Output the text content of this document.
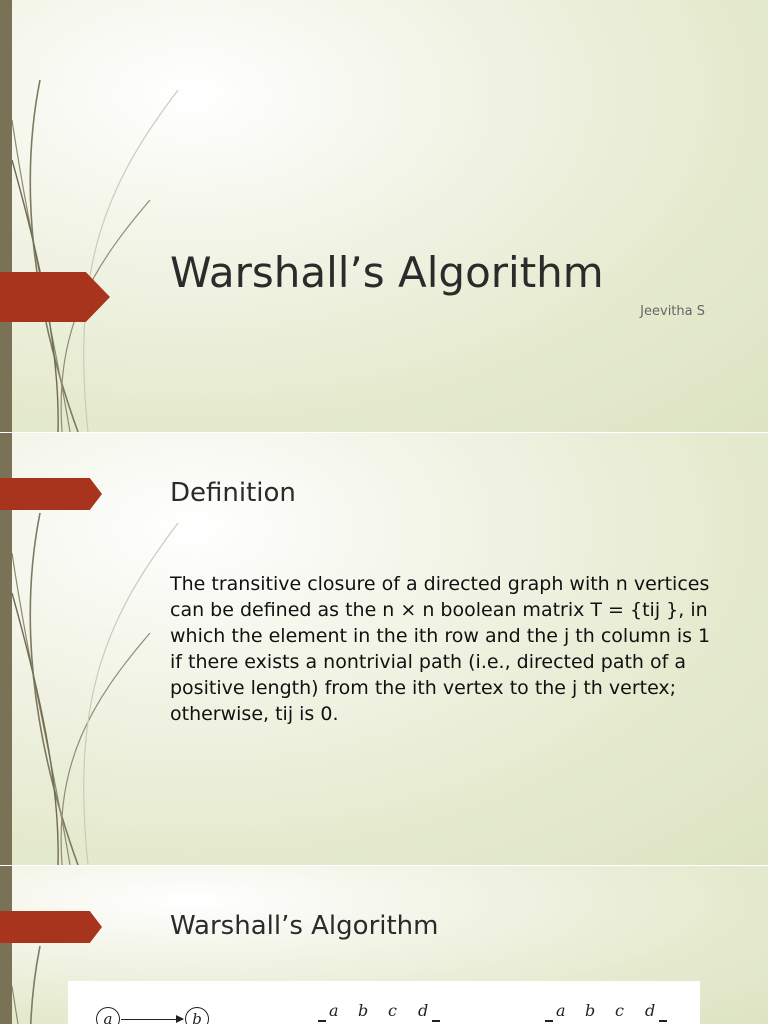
Warshall’s Algorithm
Jeevitha S
Definition
The transitive closure of a directed graph with n vertices can be defined as the n × n boolean matrix T = {tij }, in which the element in the ith row and the j th column is 1 if there exists a nontrivial path (i.e., directed path of a positive length) from the ith vertex to the j th vertex; otherwise, tij is 0.
Warshall’s Algorithm
a	b	a b c d	a b c d
